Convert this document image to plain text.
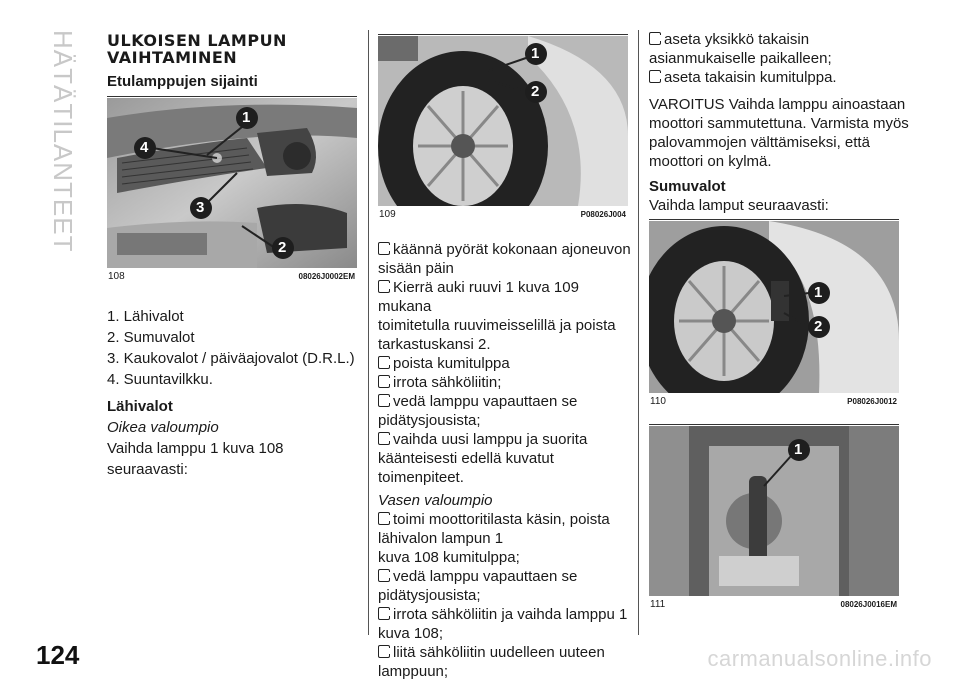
HÄTÄTILANTEET
124
ULKOISEN LAMPUN
VAIHTAMINEN
Etulamppujen sijainti
1
4
3
2
108	08026J0002EM
1. Lähivalot
2. Sumuvalot
3. Kaukovalot / päiväajovalot (D.R.L.)
4. Suuntavilkku.
Lähivalot
Oikea valoumpio
Vaihda lamppu 1 kuva 108 seuraavasti:
1
2
109	P08026J004
käännä pyörät kokonaan ajoneuvon
sisään päin
Kierrä auki ruuvi 1 kuva 109 mukana
toimitetulla ruuvimeisselillä ja poista
tarkastuskansi 2.
poista kumitulppa
irrota sähköliitin;
vedä lamppu vapauttaen se
pidätysjousista;
vaihda uusi lamppu ja suorita
käänteisesti edellä kuvatut toimenpiteet.
Vasen valoumpio
toimi moottoritilasta käsin, poista
lähivalon lampun 1
kuva 108 kumitulppa;
vedä lamppu vapauttaen se
pidätysjousista;
irrota sähköliitin ja vaihda lamppu 1
kuva 108;
liitä sähköliitin uudelleen uuteen
lamppuun;
aseta yksikkö takaisin
asianmukaiselle paikalleen;
aseta takaisin kumitulppa.
VAROITUS Vaihda lamppu ainoastaan
moottori sammutettuna. Varmista myös
palovammojen välttämiseksi, että
moottori on kylmä.
Sumuvalot
Vaihda lamput seuraavasti:
1
2
110	P08026J0012
1
111	08026J0016EM
carmanualsonline.info
